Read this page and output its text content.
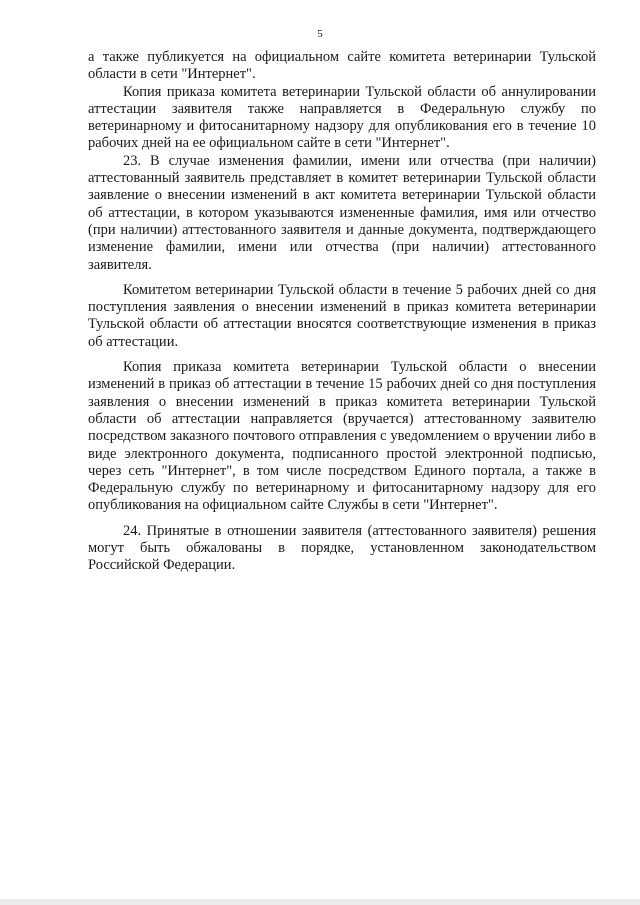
5

а также публикуется на официальном сайте комитета ветеринарии Тульской области в сети "Интернет".

Копия приказа комитета ветеринарии Тульской области об аннулировании аттестации заявителя также направляется в Федеральную службу по ветеринарному и фитосанитарному надзору для опубликования его в течение 10 рабочих дней на ее официальном сайте в сети "Интернет".

23. В случае изменения фамилии, имени или отчества (при наличии) аттестованный заявитель представляет в комитет ветеринарии Тульской области заявление о внесении изменений в акт комитета ветеринарии Тульской области об аттестации, в котором указываются измененные фамилия, имя или отчество (при наличии) аттестованного заявителя и данные документа, подтверждающего изменение фамилии, имени или отчества (при наличии) аттестованного заявителя.

Комитетом ветеринарии Тульской области в течение 5 рабочих дней со дня поступления заявления о внесении изменений в приказ комитета ветеринарии Тульской области об аттестации вносятся соответствующие изменения в приказ об аттестации.

Копия приказа комитета ветеринарии Тульской области о внесении изменений в приказ об аттестации в течение 15 рабочих дней со дня поступления заявления о внесении изменений в приказ комитета ветеринарии Тульской области об аттестации направляется (вручается) аттестованному заявителю посредством заказного почтового отправления с уведомлением о вручении либо в виде электронного документа, подписанного простой электронной подписью, через сеть "Интернет", в том числе посредством Единого портала, а также в Федеральную службу по ветеринарному и фитосанитарному надзору для его опубликования на официальном сайте Службы в сети "Интернет".

24. Принятые в отношении заявителя (аттестованного заявителя) решения могут быть обжалованы в порядке, установленном законодательством Российской Федерации.
